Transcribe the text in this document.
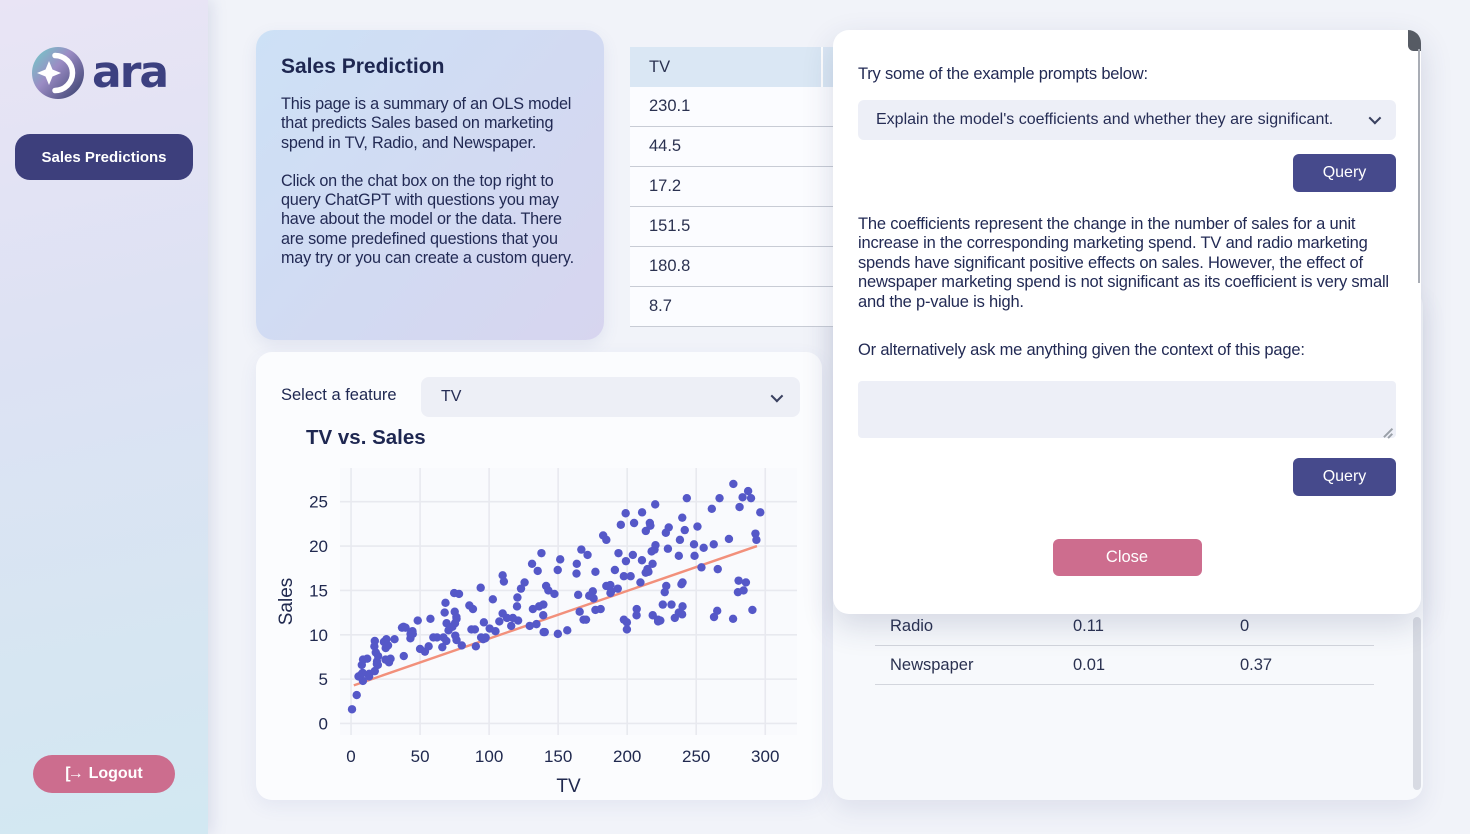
ara
Sales Predictions
[→ Logout
Sales Prediction

This page is a summary of an OLS model that predicts Sales based on marketing spend in TV, Radio, and Newspaper.

Click on the chat box on the top right to query ChatGPT with questions you may have about the model or the data. There are some predefined questions that you may try or you can create a custom query.

TV
230.1
44.5
17.2
151.5
180.8
8.7
Select a feature	TV
TV vs. Sales
0	50	100 150 200 250 300
0
5
10
15
20
25
TV
Sales
Radio	0.11	0
Newspaper	0.01	0.37
Try some of the example prompts below:
Explain the model's coefficients and whether they are significant.
Query
The coefficients represent the change in the number of sales for a unit increase in the corresponding marketing spend. TV and radio marketing spends have significant positive effects on sales. However, the effect of newspaper marketing spend is not significant as its coefficient is very small and the p-value is high.
Or alternatively ask me anything given the context of this page:
Query
Close
